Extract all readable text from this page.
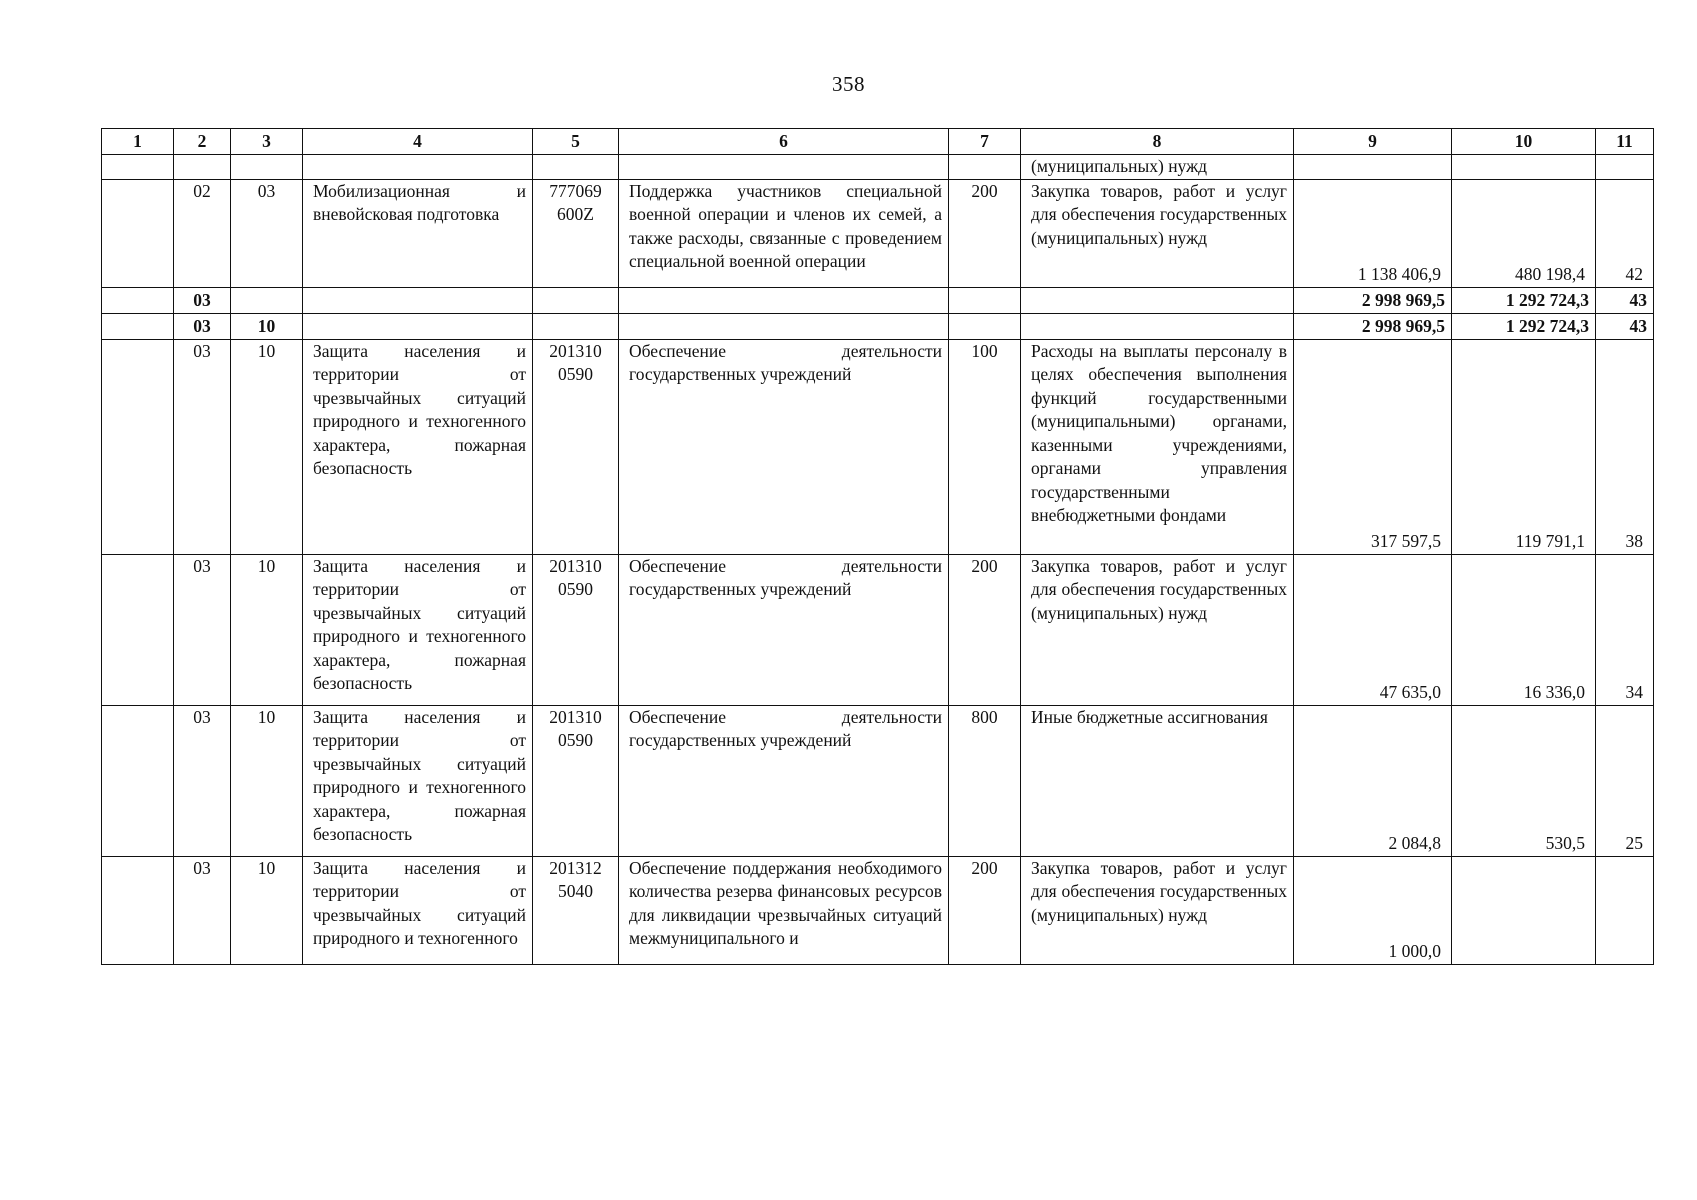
358
1	2	3	4	5	6	7	8	9	10	11
							(муниципальных) нужд			
	02	03	Мобилизационная и вневойсковая подготовка	777069 600Z	Поддержка участников специальной военной операции и членов их семей, а также расходы, связанные с проведением специальной военной операции	200	Закупка товаров, работ и услуг для обеспечения государственных (муниципальных) нужд	1 138 406,9	480 198,4	42
	03							2 998 969,5	1 292 724,3	43
	03	10						2 998 969,5	1 292 724,3	43
	03	10	Защита населения и территории от чрезвычайных ситуаций природного и техногенного характера, пожарная безопасность	201310 0590	Обеспечение деятельности государственных учреждений	100	Расходы на выплаты персоналу в целях обеспечения выполнения функций государственными (муниципальными) органами, казенными учреждениями, органами управления государственными внебюджетными фондами	317 597,5	119 791,1	38
	03	10	Защита населения и территории от чрезвычайных ситуаций природного и техногенного характера, пожарная безопасность	201310 0590	Обеспечение деятельности государственных учреждений	200	Закупка товаров, работ и услуг для обеспечения государственных (муниципальных) нужд	47 635,0	16 336,0	34
	03	10	Защита населения и территории от чрезвычайных ситуаций природного и техногенного характера, пожарная безопасность	201310 0590	Обеспечение деятельности государственных учреждений	800	Иные бюджетные ассигнования	2 084,8	530,5	25
	03	10	Защита населения и территории от чрезвычайных ситуаций природного и техногенного	201312 5040	Обеспечение поддержания необходимого количества резерва финансовых ресурсов для ликвидации чрезвычайных ситуаций межмуниципального и	200	Закупка товаров, работ и услуг для обеспечения государственных (муниципальных) нужд	1 000,0		
